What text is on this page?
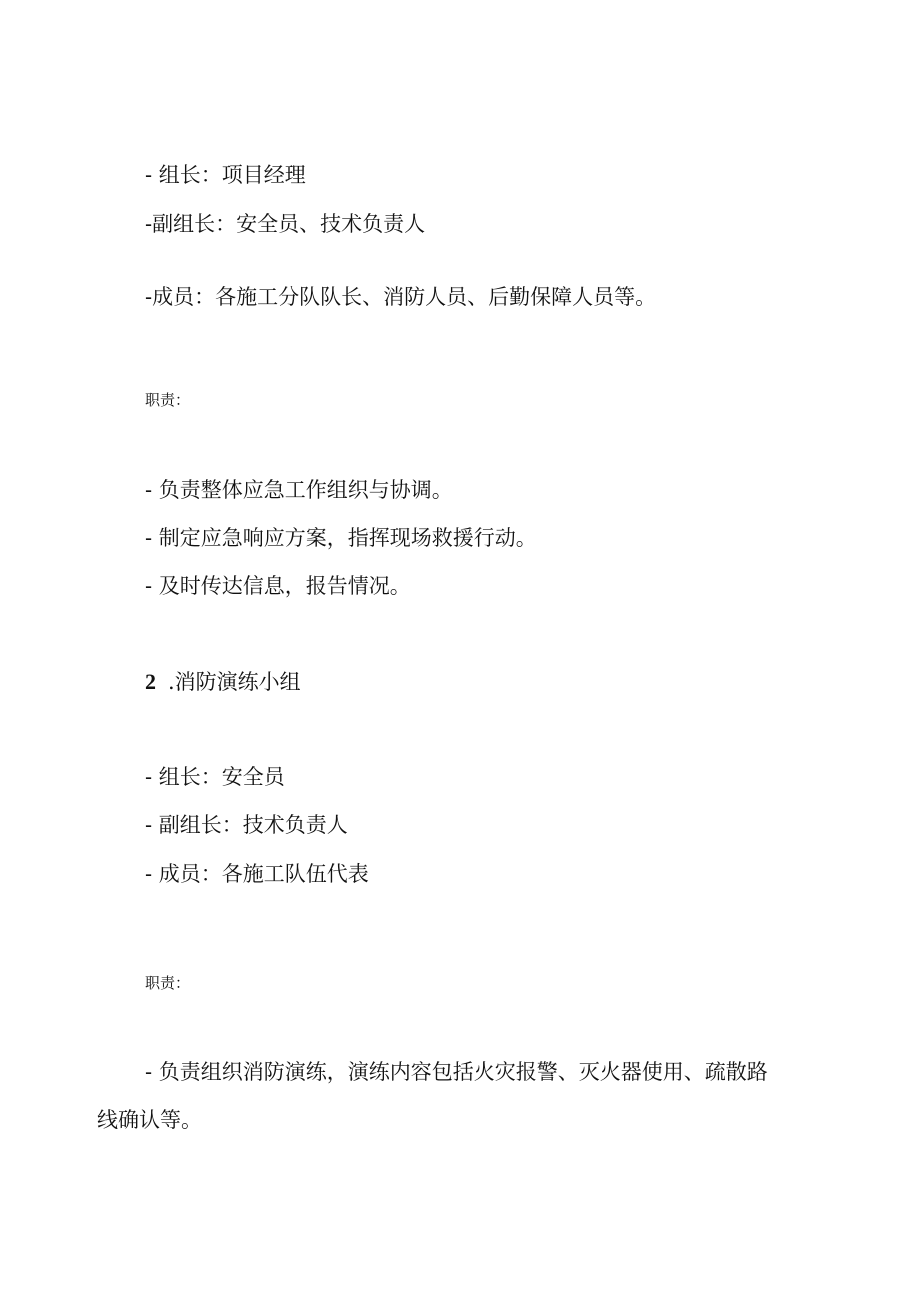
- 组长：项目经理
-副组长：安全员、技术负责人
-成员：各施工分队队长、消防人员、后勤保障人员等。
职责：
- 负责整体应急工作组织与协调。
- 制定应急响应方案，指挥现场救援行动。
- 及时传达信息，报告情况。
2 .消防演练小组
- 组长：安全员
- 副组长：技术负责人
- 成员：各施工队伍代表
职责：
- 负责组织消防演练，演练内容包括火灾报警、灭火器使用、疏散路
线确认等。
